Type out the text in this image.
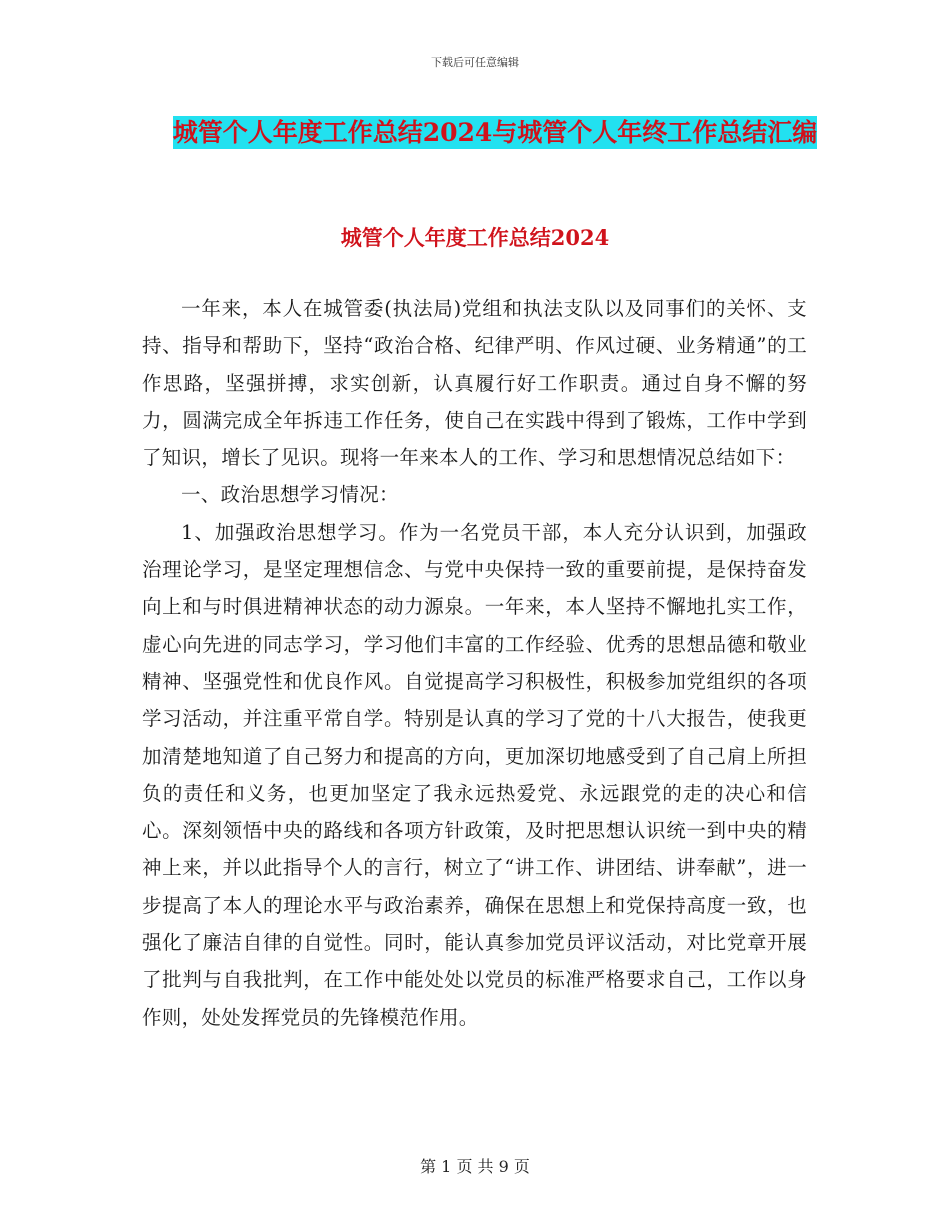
下载后可任意编辑
城管个人年度工作总结2024与城管个人年终工作总结汇编
城管个人年度工作总结2024

一年来，本人在城管委(执法局)党组和执法支队以及同事们的关怀、支持、指导和帮助下，坚持“政治合格、纪律严明、作风过硬、业务精通”的工作思路，坚强拼搏，求实创新，认真履行好工作职责。通过自身不懈的努力，圆满完成全年拆违工作任务，使自己在实践中得到了锻炼，工作中学到了知识，增长了见识。现将一年来本人的工作、学习和思想情况总结如下：

一、政治思想学习情况：

1、加强政治思想学习。作为一名党员干部，本人充分认识到，加强政治理论学习，是坚定理想信念、与党中央保持一致的重要前提，是保持奋发向上和与时俱进精神状态的动力源泉。一年来，本人坚持不懈地扎实工作，虚心向先进的同志学习，学习他们丰富的工作经验、优秀的思想品德和敬业精神、坚强党性和优良作风。自觉提高学习积极性，积极参加党组织的各项学习活动，并注重平常自学。特别是认真的学习了党的十八大报告，使我更加清楚地知道了自己努力和提高的方向，更加深切地感受到了自己肩上所担负的责任和义务，也更加坚定了我永远热爱党、永远跟党的走的决心和信心。深刻领悟中央的路线和各项方针政策，及时把思想认识统一到中央的精神上来，并以此指导个人的言行，树立了“讲工作、讲团结、讲奉献”，进一步提高了本人的理论水平与政治素养，确保在思想上和党保持高度一致，也强化了廉洁自律的自觉性。同时，能认真参加党员评议活动，对比党章开展了批判与自我批判，在工作中能处处以党员的标准严格要求自己，工作以身作则，处处发挥党员的先锋模范作用。

第 1 页 共 9 页
